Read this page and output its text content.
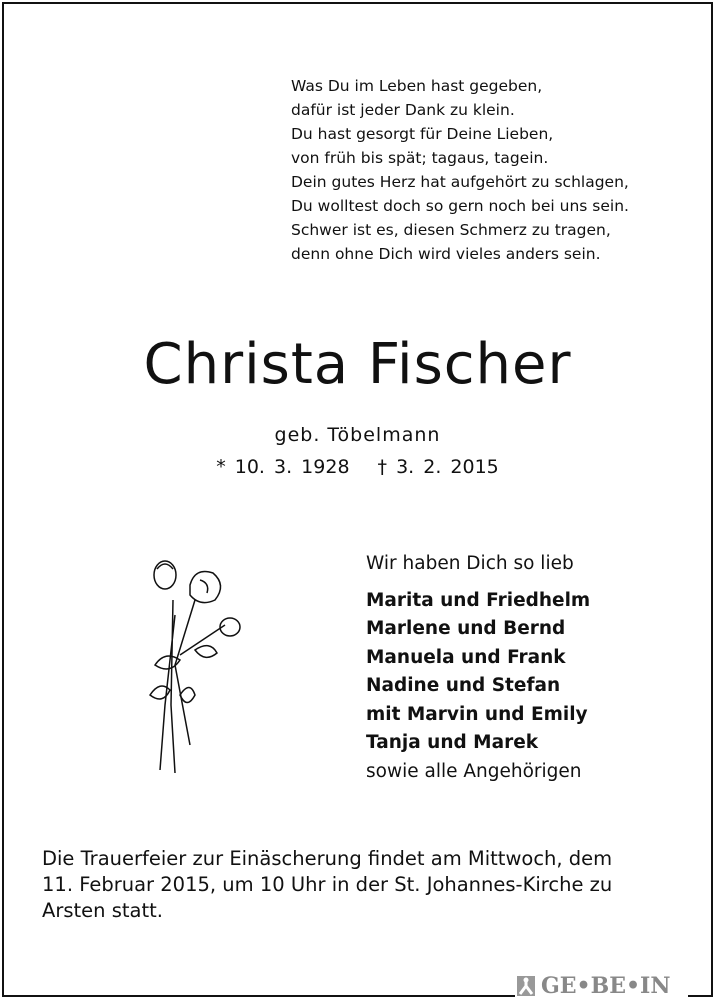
Was Du im Leben hast gegeben,
dafür ist jeder Dank zu klein.
Du hast gesorgt für Deine Lieben,
von früh bis spät; tagaus, tagein.
Dein gutes Herz hat aufgehört zu schlagen,
Du wolltest doch so gern noch bei uns sein.
Schwer ist es, diesen Schmerz zu tragen,
denn ohne Dich wird vieles anders sein.
Christa Fischer
geb. Töbelmann
* 10. 3. 1928 † 3. 2. 2015
Wir haben Dich so lieb
Marita und Friedhelm
Marlene und Bernd
Manuela und Frank
Nadine und Stefan
mit Marvin und Emily
Tanja und Marek
sowie alle Angehörigen
Die Trauerfeier zur Einäscherung findet am Mittwoch, dem
11. Februar 2015, um 10 Uhr in der St. Johannes-Kirche zu
Arsten statt.
GE•BE•IN
